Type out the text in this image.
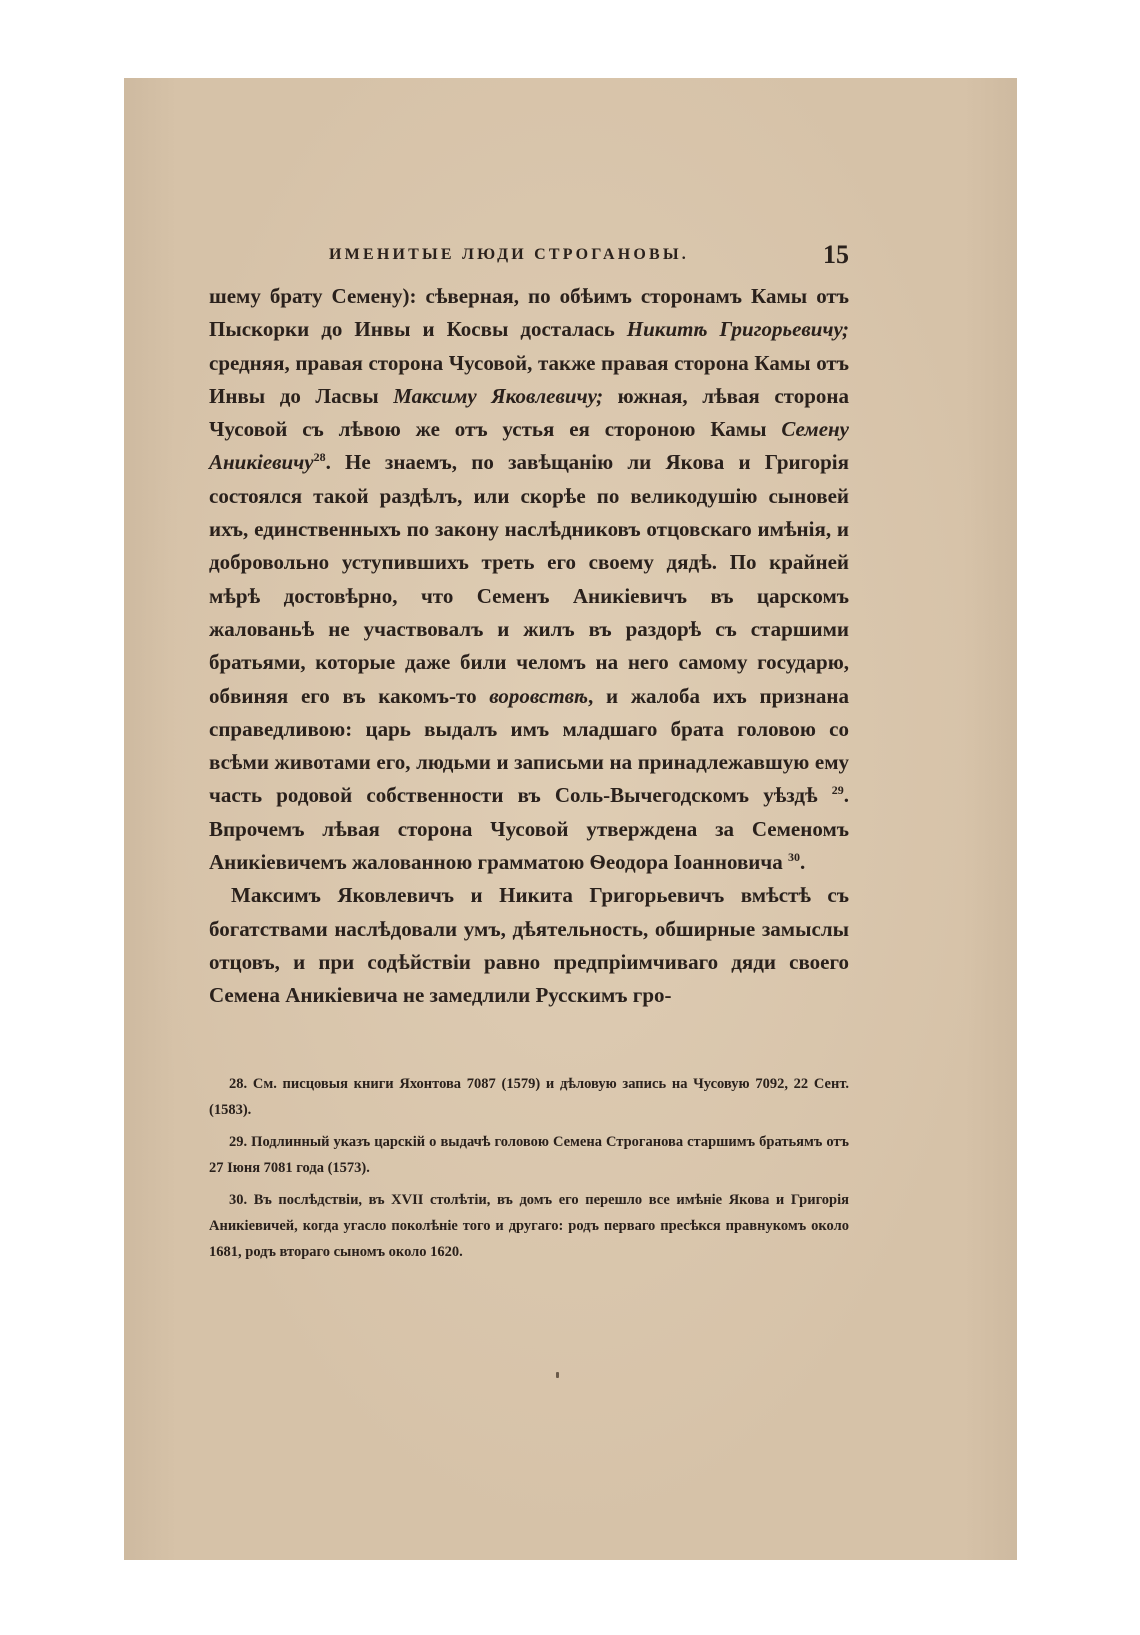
ИМЕНИТЫЕ ЛЮДИ СТРОГАНОВЫ.	15

шему брату Семену): сѣверная, по обѣимъ сторонамъ Камы отъ Пыскорки до Инвы и Косвы досталась Никитѣ Григорьевичу; средняя, правая сторона Чусовой, также правая сторона Камы отъ Инвы до Ласвы Максиму Яковлевичу; южная, лѣвая сторона Чусовой съ лѣвою же отъ устья ея стороною Камы Семену Аникіевичу$^{28}$. Не знаемъ, по завѣщанію ли Якова и Григорія состоялся такой раздѣлъ, или скорѣе по великодушію сыновей ихъ, единственныхъ по закону наслѣдниковъ отцовскаго имѣнія, и добровольно уступившихъ треть его своему дядѣ. По крайней мѣрѣ достовѣрно, что Семенъ Аникіевичъ въ царскомъ жалованьѣ не участвовалъ и жилъ въ раздорѣ съ старшими братьями, которые даже били челомъ на него самому государю, обвиняя его въ какомъ-то воровствѣ, и жалоба ихъ признана справедливою: царь выдалъ имъ младшаго брата головою со всѣми животами его, людьми и записьми на принадлежавшую ему часть родовой собственности въ Соль-Вычегодскомъ уѣздѣ $^{29}$. Впрочемъ лѣвая сторона Чусовой утверждена за Семеномъ Аникіевичемъ жалованною грамматою Ѳеодора Іоанновича $^{30}$.

Максимъ Яковлевичъ и Никита Григорьевичъ вмѣстѣ съ богатствами наслѣдовали умъ, дѣятельность, обширные замыслы отцовъ, и при содѣйствіи равно предпріимчиваго дяди своего Семена Аникіевича не замедлили Русскимъ гро-

28. См. писцовыя книги Яхонтова 7087 (1579) и дѣловую запись на Чусовую 7092, 22 Сент. (1583).

29. Подлинный указъ царскій о выдачѣ головою Семена Строганова старшимъ братьямъ отъ 27 Іюня 7081 года (1573).

30. Въ послѣдствіи, въ XVII столѣтіи, въ домъ его перешло все имѣніе Якова и Григорія Аникіевичей, когда угасло поколѣніе того и другаго: родъ перваго пресѣкся правнукомъ около 1681, родъ втораго сыномъ около 1620.
